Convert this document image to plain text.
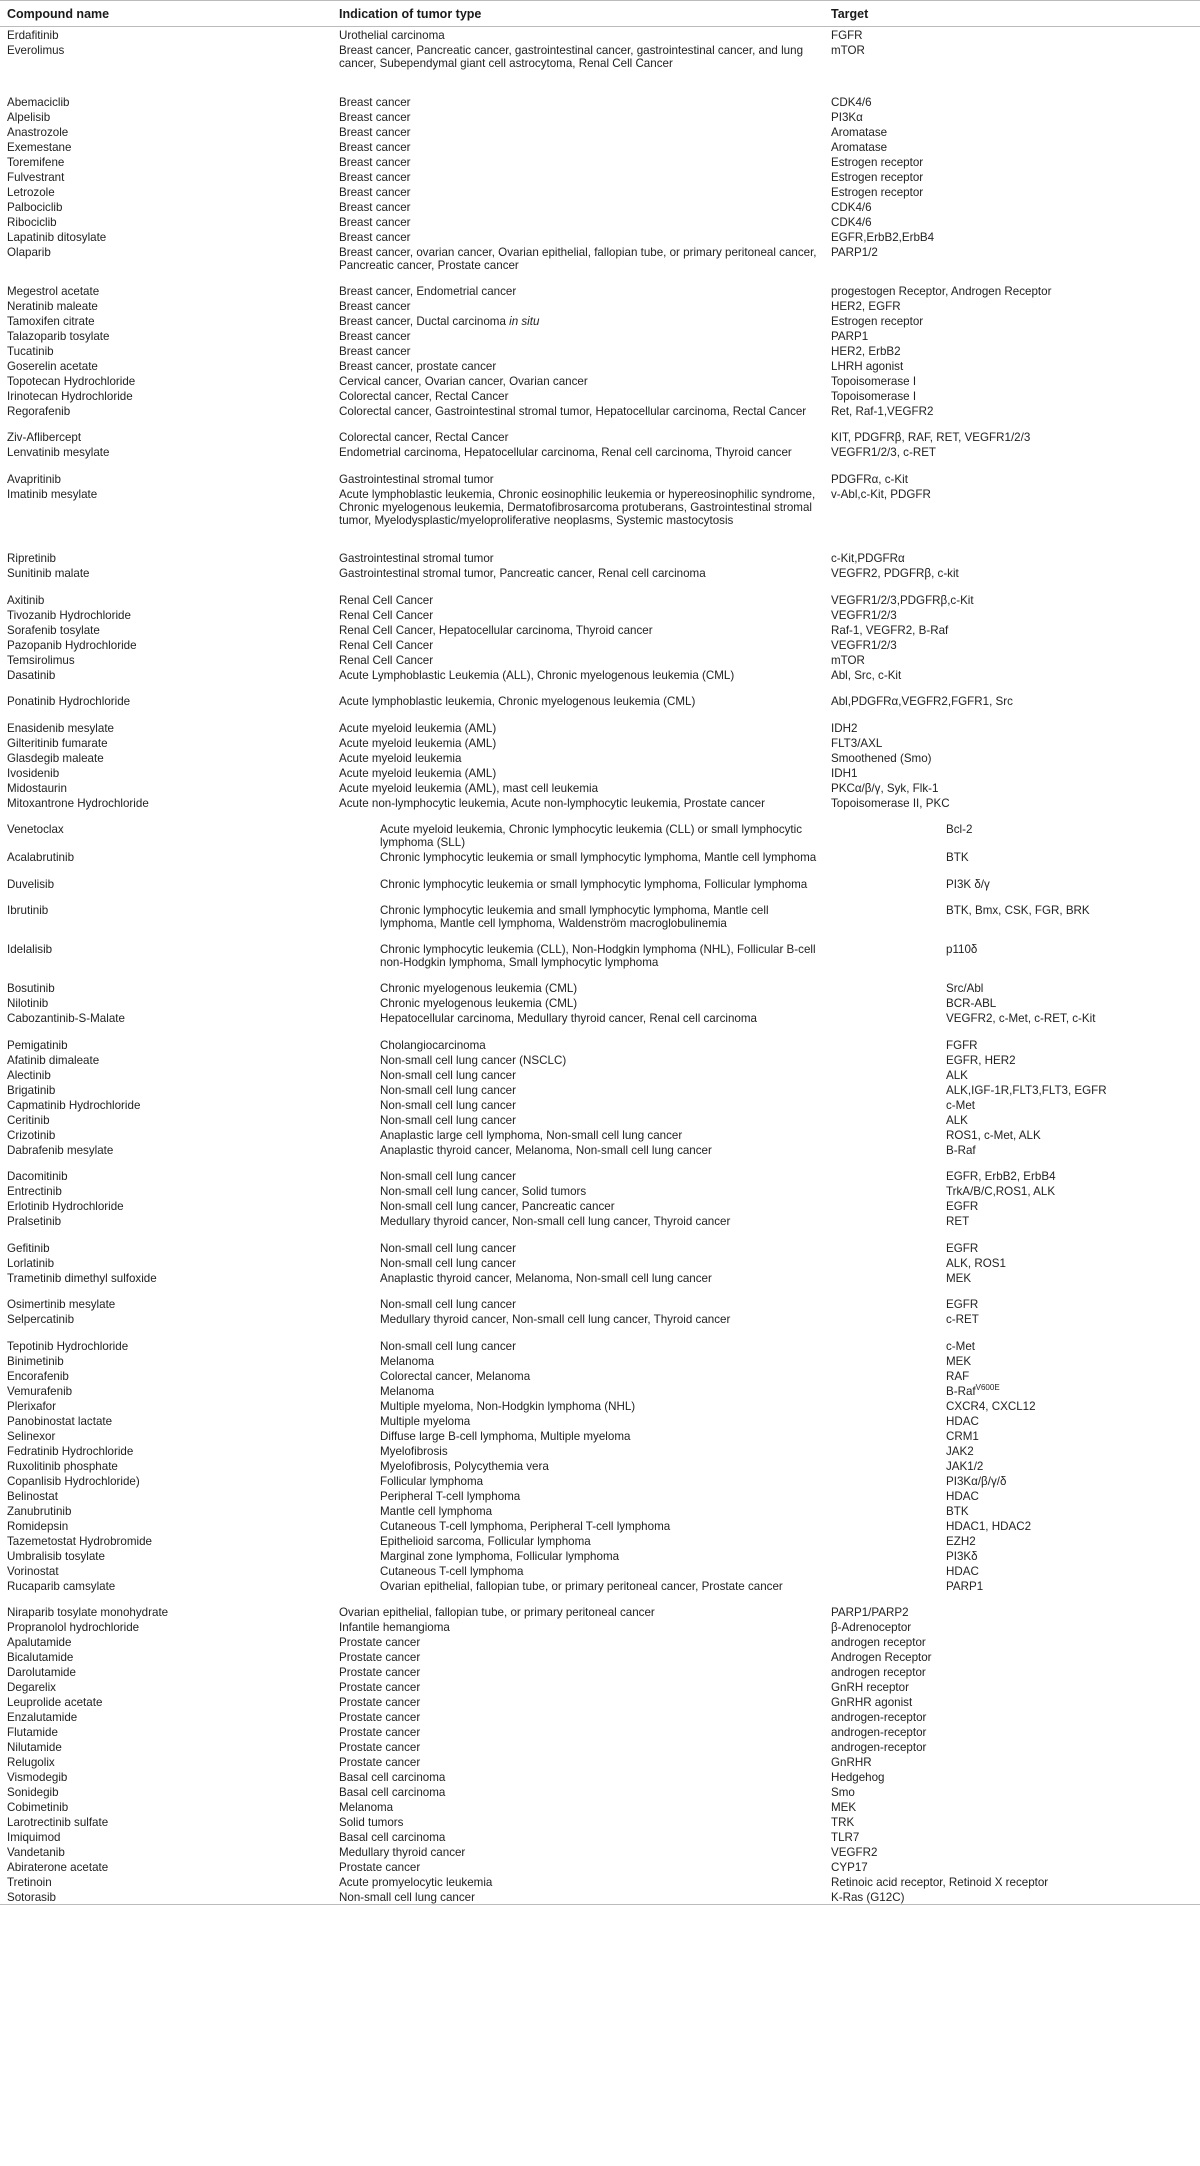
Compound name	Indication of tumor type	Target
Erdafitinib	Urothelial carcinoma	FGFR
Everolimus	Breast cancer, Pancreatic cancer, gastrointestinal cancer, gastrointestinal cancer, and lung cancer, Subependymal giant cell astrocytoma, Renal Cell Cancer	mTOR
Abemaciclib	Breast cancer	CDK4/6
Alpelisib	Breast cancer	PI3Kα
Anastrozole	Breast cancer	Aromatase
Exemestane	Breast cancer	Aromatase
Toremifene	Breast cancer	Estrogen receptor
Fulvestrant	Breast cancer	Estrogen receptor
Letrozole	Breast cancer	Estrogen receptor
Palbociclib	Breast cancer	CDK4/6
Ribociclib	Breast cancer	CDK4/6
Lapatinib ditosylate	Breast cancer	EGFR,ErbB2,ErbB4
Olaparib	Breast cancer, ovarian cancer, Ovarian epithelial, fallopian tube, or primary peritoneal cancer, Pancreatic cancer, Prostate cancer	PARP1/2
Megestrol acetate	Breast cancer, Endometrial cancer	progestogen Receptor, Androgen Receptor
Neratinib maleate	Breast cancer	HER2, EGFR
Tamoxifen citrate	Breast cancer, Ductal carcinoma in situ	Estrogen receptor
Talazoparib tosylate	Breast cancer	PARP1
Tucatinib	Breast cancer	HER2, ErbB2
Goserelin acetate	Breast cancer, prostate cancer	LHRH agonist
Topotecan Hydrochloride	Cervical cancer, Ovarian cancer, Ovarian cancer	Topoisomerase I
Irinotecan Hydrochloride	Colorectal cancer, Rectal Cancer	Topoisomerase I
Regorafenib	Colorectal cancer, Gastrointestinal stromal tumor, Hepatocellular carcinoma, Rectal Cancer	Ret, Raf-1,VEGFR2
Ziv-Aflibercept	Colorectal cancer, Rectal Cancer	KIT, PDGFRβ, RAF, RET, VEGFR1/2/3
Lenvatinib mesylate	Endometrial carcinoma, Hepatocellular carcinoma, Renal cell carcinoma, Thyroid cancer	VEGFR1/2/3, c-RET
Avapritinib	Gastrointestinal stromal tumor	PDGFRα, c-Kit
Imatinib mesylate	Acute lymphoblastic leukemia, Chronic eosinophilic leukemia or hypereosinophilic syndrome, Chronic myelogenous leukemia, Dermatofibrosarcoma protuberans, Gastrointestinal stromal tumor, Myelodysplastic/myeloproliferative neoplasms, Systemic mastocytosis	v-Abl,c-Kit, PDGFR
Ripretinib	Gastrointestinal stromal tumor	c-Kit,PDGFRα
Sunitinib malate	Gastrointestinal stromal tumor, Pancreatic cancer, Renal cell carcinoma	VEGFR2, PDGFRβ, c-kit
Axitinib	Renal Cell Cancer	VEGFR1/2/3,PDGFRβ,c-Kit
Tivozanib Hydrochloride	Renal Cell Cancer	VEGFR1/2/3
Sorafenib tosylate	Renal Cell Cancer, Hepatocellular carcinoma, Thyroid cancer	Raf-1, VEGFR2, B-Raf
Pazopanib Hydrochloride	Renal Cell Cancer	VEGFR1/2/3
Temsirolimus	Renal Cell Cancer	mTOR
Dasatinib	Acute Lymphoblastic Leukemia (ALL), Chronic myelogenous leukemia (CML)	Abl, Src, c-Kit
Ponatinib Hydrochloride	Acute lymphoblastic leukemia, Chronic myelogenous leukemia (CML)	Abl,PDGFRα,VEGFR2,FGFR1, Src
Enasidenib mesylate	Acute myeloid leukemia (AML)	IDH2
Gilteritinib fumarate	Acute myeloid leukemia (AML)	FLT3/AXL
Glasdegib maleate	Acute myeloid leukemia	Smoothened (Smo)
Ivosidenib	Acute myeloid leukemia (AML)	IDH1
Midostaurin	Acute myeloid leukemia (AML), mast cell leukemia	PKCα/β/γ, Syk, Flk-1
Mitoxantrone Hydrochloride	Acute non-lymphocytic leukemia, Acute non-lymphocytic leukemia, Prostate cancer	Topoisomerase II, PKC
Venetoclax	Acute myeloid leukemia, Chronic lymphocytic leukemia (CLL) or small lymphocytic lymphoma (SLL)	Bcl-2
Acalabrutinib	Chronic lymphocytic leukemia or small lymphocytic lymphoma, Mantle cell lymphoma	BTK
Duvelisib	Chronic lymphocytic leukemia or small lymphocytic lymphoma, Follicular lymphoma	PI3K δ/γ
Ibrutinib	Chronic lymphocytic leukemia and small lymphocytic lymphoma, Mantle cell lymphoma, Mantle cell lymphoma, Waldenström macroglobulinemia	BTK, Bmx, CSK, FGR, BRK
Idelalisib	Chronic lymphocytic leukemia (CLL), Non-Hodgkin lymphoma (NHL), Follicular B-cell non-Hodgkin lymphoma, Small lymphocytic lymphoma	p110δ
Bosutinib	Chronic myelogenous leukemia (CML)	Src/Abl
Nilotinib	Chronic myelogenous leukemia (CML)	BCR-ABL
Cabozantinib-S-Malate	Hepatocellular carcinoma, Medullary thyroid cancer, Renal cell carcinoma	VEGFR2, c-Met, c-RET, c-Kit
Pemigatinib	Cholangiocarcinoma	FGFR
Afatinib dimaleate	Non-small cell lung cancer (NSCLC)	EGFR, HER2
Alectinib	Non-small cell lung cancer	ALK
Brigatinib	Non-small cell lung cancer	ALK,IGF-1R,FLT3,FLT3, EGFR
Capmatinib Hydrochloride	Non-small cell lung cancer	c-Met
Ceritinib	Non-small cell lung cancer	ALK
Crizotinib	Anaplastic large cell lymphoma, Non-small cell lung cancer	ROS1, c-Met, ALK
Dabrafenib mesylate	Anaplastic thyroid cancer, Melanoma, Non-small cell lung cancer	B-Raf
Dacomitinib	Non-small cell lung cancer	EGFR, ErbB2, ErbB4
Entrectinib	Non-small cell lung cancer, Solid tumors	TrkA/B/C,ROS1, ALK
Erlotinib Hydrochloride	Non-small cell lung cancer, Pancreatic cancer	EGFR
Pralsetinib	Medullary thyroid cancer, Non-small cell lung cancer, Thyroid cancer	RET
Gefitinib	Non-small cell lung cancer	EGFR
Lorlatinib	Non-small cell lung cancer	ALK, ROS1
Trametinib dimethyl sulfoxide	Anaplastic thyroid cancer, Melanoma, Non-small cell lung cancer	MEK
Osimertinib mesylate	Non-small cell lung cancer	EGFR
Selpercatinib	Medullary thyroid cancer, Non-small cell lung cancer, Thyroid cancer	c-RET
Tepotinib Hydrochloride	Non-small cell lung cancer	c-Met
Binimetinib	Melanoma	MEK
Encorafenib	Colorectal cancer, Melanoma	RAF
Vemurafenib	Melanoma	B-Raf$^{V600E}$
Plerixafor	Multiple myeloma, Non-Hodgkin lymphoma (NHL)	CXCR4, CXCL12
Panobinostat lactate	Multiple myeloma	HDAC
Selinexor	Diffuse large B-cell lymphoma, Multiple myeloma	CRM1
Fedratinib Hydrochloride	Myelofibrosis	JAK2
Ruxolitinib phosphate	Myelofibrosis, Polycythemia vera	JAK1/2
Copanlisib Hydrochloride)	Follicular lymphoma	PI3Kα/β/γ/δ
Belinostat	Peripheral T-cell lymphoma	HDAC
Zanubrutinib	Mantle cell lymphoma	BTK
Romidepsin	Cutaneous T-cell lymphoma, Peripheral T-cell lymphoma	HDAC1, HDAC2
Tazemetostat Hydrobromide	Epithelioid sarcoma, Follicular lymphoma	EZH2
Umbralisib tosylate	Marginal zone lymphoma, Follicular lymphoma	PI3Kδ
Vorinostat	Cutaneous T-cell lymphoma	HDAC
Rucaparib camsylate	Ovarian epithelial, fallopian tube, or primary peritoneal cancer, Prostate cancer	PARP1
Niraparib tosylate monohydrate	Ovarian epithelial, fallopian tube, or primary peritoneal cancer	PARP1/PARP2
Propranolol hydrochloride	Infantile hemangioma	β-Adrenoceptor
Apalutamide	Prostate cancer	androgen receptor
Bicalutamide	Prostate cancer	Androgen Receptor
Darolutamide	Prostate cancer	androgen receptor
Degarelix	Prostate cancer	GnRH receptor
Leuprolide acetate	Prostate cancer	GnRHR agonist
Enzalutamide	Prostate cancer	androgen-receptor
Flutamide	Prostate cancer	androgen-receptor
Nilutamide	Prostate cancer	androgen-receptor
Relugolix	Prostate cancer	GnRHR
Vismodegib	Basal cell carcinoma	Hedgehog
Sonidegib	Basal cell carcinoma	Smo
Cobimetinib	Melanoma	MEK
Larotrectinib sulfate	Solid tumors	TRK
Imiquimod	Basal cell carcinoma	TLR7
Vandetanib	Medullary thyroid cancer	VEGFR2
Abiraterone acetate	Prostate cancer	CYP17
Tretinoin	Acute promyelocytic leukemia	Retinoic acid receptor, Retinoid X receptor
Sotorasib	Non-small cell lung cancer	K-Ras (G12C)
